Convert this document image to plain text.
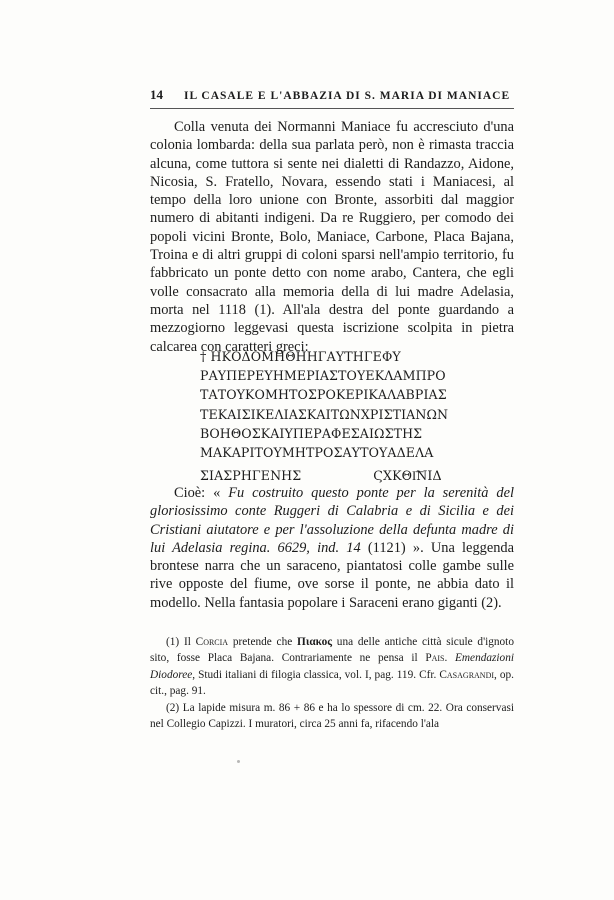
14 IL CASALE E L'ABBAZIA DI S. MARIA DI MANIACE

Colla venuta dei Normanni Maniace fu accresciuto d'una colonia lombarda: della sua parlata però, non è rimasta traccia alcuna, come tuttora si sente nei dialetti di Randazzo, Aidone, Nicosia, S. Fratello, Novara, essendo stati i Maniacesi, al tempo della loro unione con Bronte, assorbiti dal maggior numero di abitanti indigeni. Da re Ruggiero, per comodo dei popoli vicini Bronte, Bolo, Maniace, Carbone, Placa Bajana, Troina e di altri gruppi di coloni sparsi nell'ampio territorio, fu fabbricato un ponte detto con nome arabo, Cantera, che egli volle consacrato alla memoria della di lui madre Adelasia, morta nel 1118 (1). All'ala destra del ponte guardando a mezzogiorno leggevasi questa iscrizione scolpita in pietra calcarea con caratteri greci:

† ΗΚΟΔΟΜΗΘΗΗΓΑΥΤΗΓΕΦΥ
ΡΑΥΠΕΡΕΥΗΜΕΡΙΑΣΤΟΥΕΚΛΑΜΠΡΟ
ΤΑΤΟΥΚΟΜΗΤΟΣΡΟΚΕΡΙΚΑΛΑΒΡΙΑΣ
ΤΕΚΑΙΣΙΚΕΛΙΑΣΚΑΙΤΩΝΧΡΙΣΤΙΑΝΩΝ
ΒΟΗΘΟΣΚΑΙΥΠΕΡΑΦΕΣΑΙΩΣΤΗΣ
ΜΑΚΑΡΙΤΟΥΜΗΤΡΟΣΑΥΤΟΥΑΔΕΛΑ
ΣΙΑΣΡΗΓΕΝΗΣ	ϚΧΚΘΙ͞ΝΙΔ

Cioè: « Fu costruito questo ponte per la serenità del gloriosissimo conte Ruggeri di Calabria e di Sicilia e dei Cristiani aiutatore e per l'assoluzione della defunta madre di lui Adelasia regina. 6629, ind. 14 (1121) ». Una leggenda brontese narra che un saraceno, piantatosi colle gambe sulle rive opposte del fiume, ove sorse il ponte, ne abbia dato il modello. Nella fantasia popolare i Saraceni erano giganti (2).

(1) Il Corcia pretende che Πιακος una delle antiche città sicule d'ignoto sito, fosse Placa Bajana. Contrariamente ne pensa il Pais. Emendazioni Diodoree, Studi italiani di filogia classica, vol. I, pag. 119. Cfr. Casagrandi, op. cit., pag. 91.

(2) La lapide misura m. 86 + 86 e ha lo spessore di cm. 22. Ora conservasi nel Collegio Capizzi. I muratori, circa 25 anni fa, rifacendo l'ala
